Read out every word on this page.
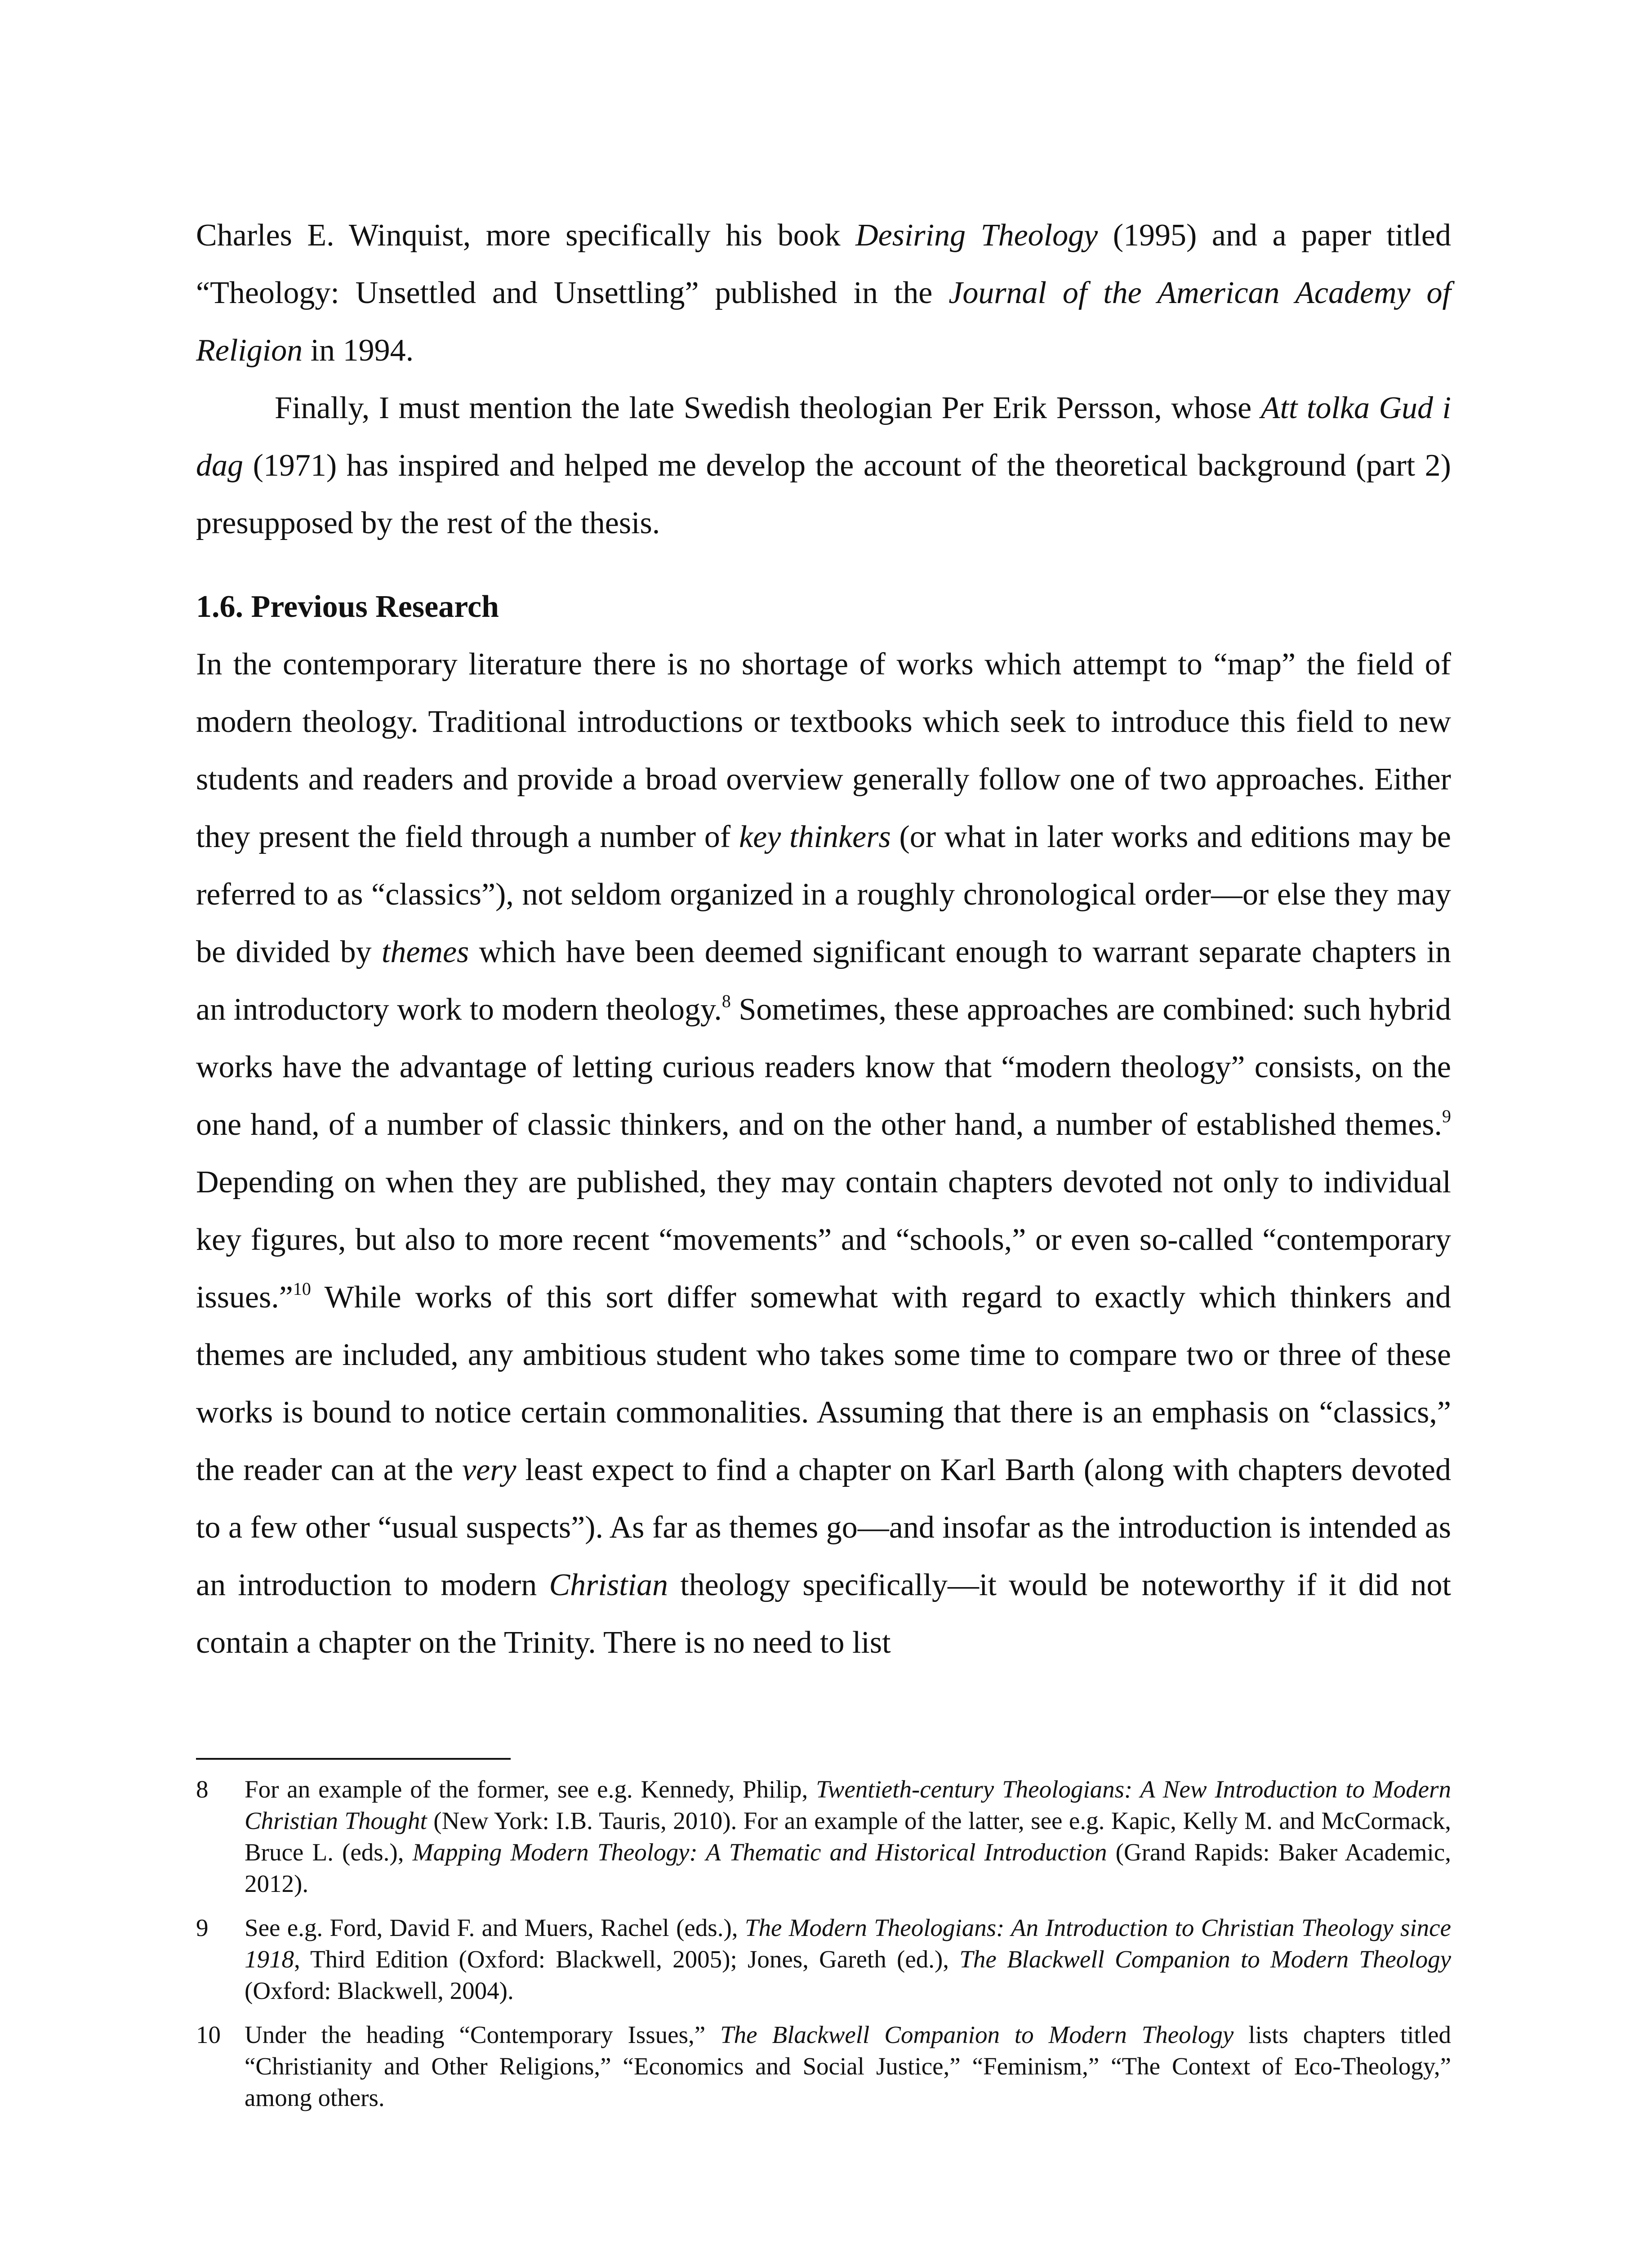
Charles E. Winquist, more specifically his book Desiring Theology (1995) and a paper titled “Theology: Unsettled and Unsettling” published in the Journal of the American Academy of Religion in 1994.

Finally, I must mention the late Swedish theologian Per Erik Persson, whose Att tolka Gud i dag (1971) has inspired and helped me develop the account of the theoretical background (part 2) presupposed by the rest of the thesis.

1.6. Previous Research

In the contemporary literature there is no shortage of works which attempt to “map” the field of modern theology. Traditional introductions or textbooks which seek to introduce this field to new students and readers and provide a broad overview generally follow one of two approaches. Either they present the field through a number of key thinkers (or what in later works and editions may be referred to as “classics”), not seldom organized in a roughly chronological order—or else they may be divided by themes which have been deemed significant enough to warrant separate chapters in an introductory work to modern theology.$^8$ Sometimes, these approaches are combined: such hybrid works have the advantage of letting curious readers know that “modern theology” consists, on the one hand, of a number of classic thinkers, and on the other hand, a number of established themes.$^9$ Depending on when they are published, they may contain chapters devoted not only to individual key figures, but also to more recent “movements” and “schools,” or even so-called “contemporary issues.”$^{10}$ While works of this sort differ somewhat with regard to exactly which thinkers and themes are included, any ambitious student who takes some time to compare two or three of these works is bound to notice certain commonalities. Assuming that there is an emphasis on “classics,” the reader can at the very least expect to find a chapter on Karl Barth (along with chapters devoted to a few other “usual suspects”). As far as themes go—and insofar as the introduction is intended as an introduction to modern Christian theology specifically—it would be noteworthy if it did not contain a chapter on the Trinity. There is no need to list

8	For an example of the former, see e.g. Kennedy, Philip, Twentieth-century Theologians: A New Introduction to Modern Christian Thought (New York: I.B. Tauris, 2010). For an example of the latter, see e.g. Kapic, Kelly M. and McCormack, Bruce L. (eds.), Mapping Modern Theology: A Thematic and Historical Introduction (Grand Rapids: Baker Academic, 2012).
9	See e.g. Ford, David F. and Muers, Rachel (eds.), The Modern Theologians: An Introduction to Christian Theology since 1918, Third Edition (Oxford: Blackwell, 2005); Jones, Gareth (ed.), The Blackwell Companion to Modern Theology (Oxford: Blackwell, 2004).
10 Under the heading “Contemporary Issues,” The Blackwell Companion to Modern Theology lists chapters titled “Christianity and Other Religions,” “Economics and Social Justice,” “Feminism,” “The Context of Eco-Theology,” among others.
